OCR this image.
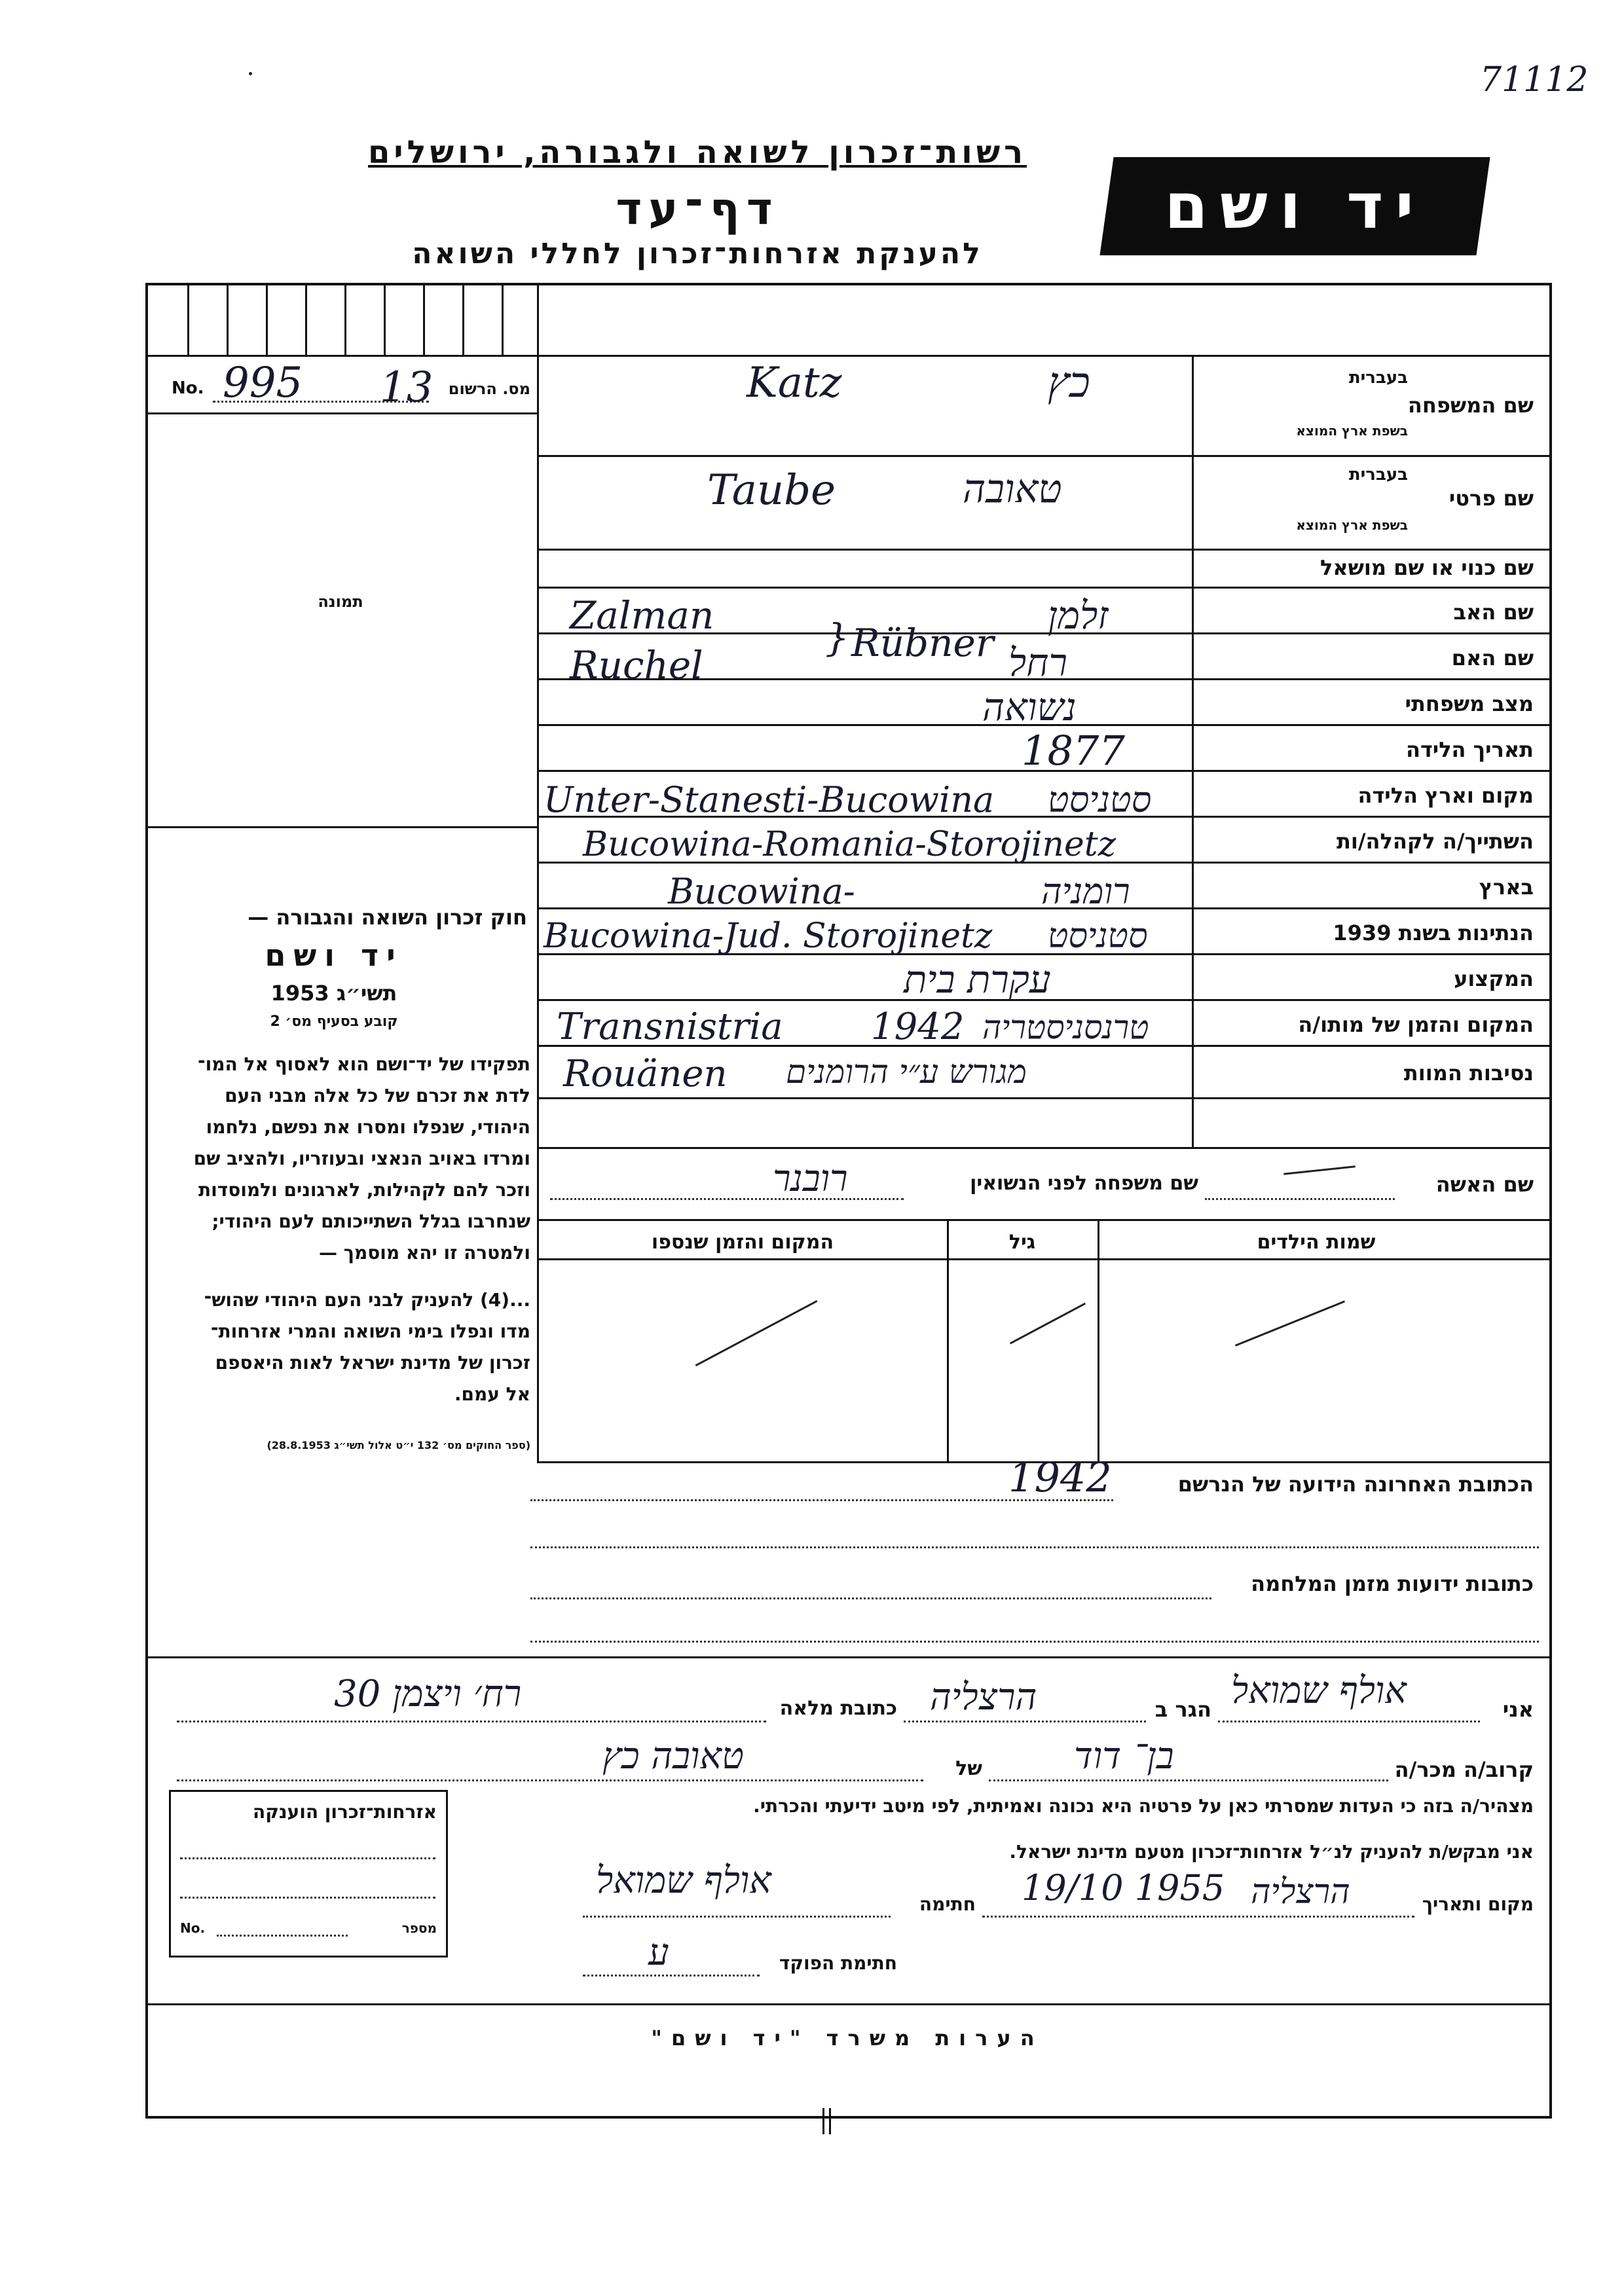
71112
רשות־זכרון לשואה ולגבורה, ירושלים
דף־עד
להענקת אזרחות־זכרון לחללי השואה
יד ושם
No.	מס. הרשום
995 13
תמונה
חוק זכרון השואה והגבורה —
יד ושם
תשי״ג 1953
קובע בסעיף מס׳ 2
תפקידו של יד־ושם הוא לאסוף אל המו־
לדת את זכרם של כל אלה מבני העם
היהודי, שנפלו ומסרו את נפשם, נלחמו
ומרדו באויב הנאצי ובעוזריו, ולהציב שם
וזכר להם לקהילות, לארגונים ולמוסדות
שנחרבו בגלל השתייכותם לעם היהודי;
ולמטרה זו יהא מוסמך —
...(4) להעניק לבני העם היהודי שהוש־
מדו ונפלו בימי השואה והמרי אזרחות־
זכרון של מדינת ישראל לאות היאספם
אל עמם.
(ספר החוקים מס׳ 132 י״ט אלול תשי״ג 28.8.1953)
שם המשפחה
בעברית
בשפת ארץ המוצא
Katz	כץ
שם פרטי
בעברית
בשפת ארץ המוצא
Taube	טאובה
שם כנוי או שם מושאל
שם האב
Zalman	} Rübner
זלמן
שם האם
Ruchel	רחל
מצב משפחתי
נשואה
תאריך הלידה
1877
מקום וארץ הלידה
Unter-Stanesti-Bucowina סטניסט
השתייך/ה לקהלה/ות
Bucowina-Romania-Storojinetz
בארץ
Bucowina-	רומניה
הנתינות בשנת 1939
Bucowina-Jud. Storojinetz סטניסט
המקצוע
עקרת בית
המקום והזמן של מותו/ה
Transnistria 1942 טרנסניסטריה
נסיבות המוות
Rouänen מגורש ע״י הרומנים
שם האשה
שם משפחה לפני הנשואין
רובנר
שמות הילדים
גיל
המקום והזמן שנספו
הכתובת האחרונה הידועה של הנרשם
1942
כתובות ידועות מזמן המלחמה
אני
אולף שמואל
הגר ב
הרצליה
כתובת מלאה
רח׳ ויצמן 30
קרוב/ה מכר/ה
בן־ דוד
של
טאובה כץ
מצהיר/ה בזה כי העדות שמסרתי כאן על פרטיה היא נכונה ואמיתית, לפי מיטב ידיעתי והכרתי.
אני מבקש/ת להעניק לנ״ל אזרחות־זכרון מטעם מדינת ישראל.
מקום ותאריך
19/10 1955 הרצליה
חתימה
אולף שמואל
חתימת הפוקד
ﬠ
אזרחות־זכרון הוענקה
No.	מספר
הערות משרד "יד ושם"
